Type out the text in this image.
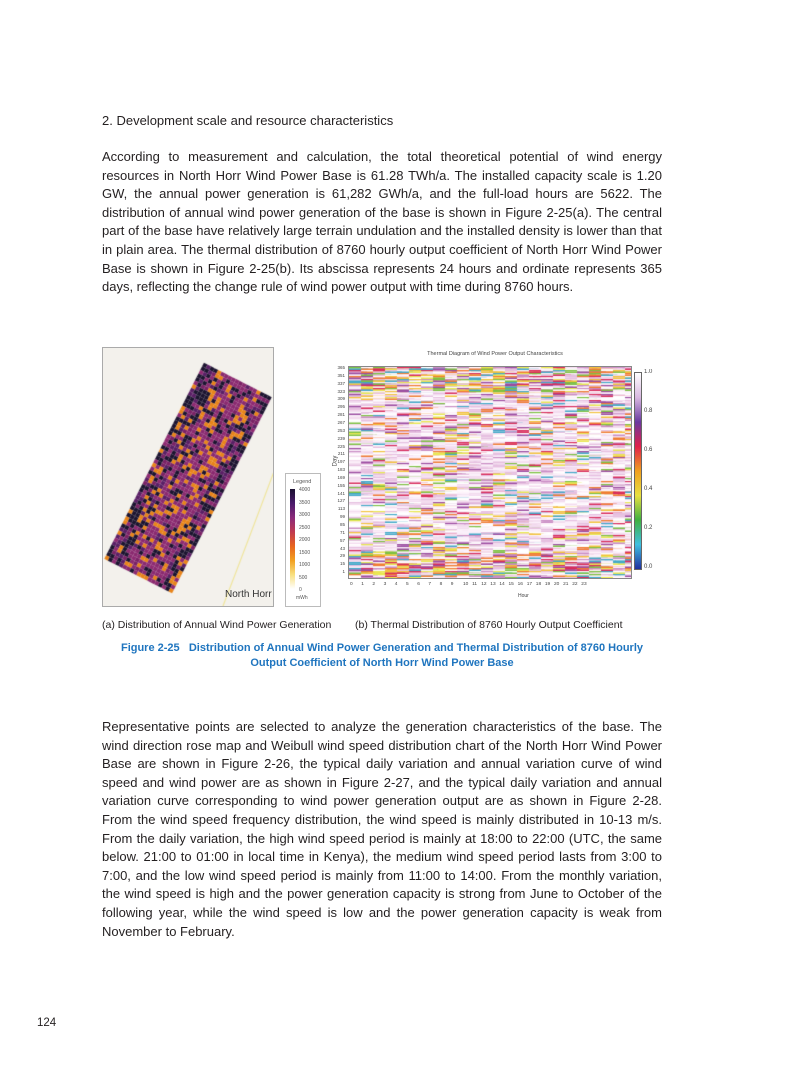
2. Development scale and resource characteristics

According to measurement and calculation, the total theoretical potential of wind energy resources in North Horr Wind Power Base is 61.28 TWh/a. The installed capacity scale is 1.20 GW, the annual power generation is 61,282 GWh/a, and the full-load hours are 5622. The distribution of annual wind power generation of the base is shown in Figure 2-25(a). The central part of the base have relatively large terrain undulation and the installed density is lower than that in plain area. The thermal distribution of 8760 hourly output coefficient of North Horr Wind Power Base is shown in Figure 2-25(b). Its abscissa represents 24 hours and ordinate represents 365 days, reflecting the change rule of wind power output with time during 8760 hours.

North Horr
Legend
4000
3500
3000
2500
2000
1500
1000
500
0
mWh
Thermal Diagram of Wind Power Output Characteristics
Day
365
351
337
323
309
295
281
267
253
239
225
211
197
183
169
155
141
127
113
99
85
71
57
43
29
15
1
0 1 2 3 4 5 6 7 8 9 10 11 12 13 14 15 16 17 18 19 20 21 22 23
Hour
1.0
0.8
0.6
0.4
0.2
0.0
(a) Distribution of Annual Wind Power Generation (b) Thermal Distribution of 8760 Hourly Output Coefficient
Figure 2-25   Distribution of Annual Wind Power Generation and Thermal Distribution of 8760 Hourly
Output Coefficient of North Horr Wind Power Base

Representative points are selected to analyze the generation characteristics of the base. The wind direction rose map and Weibull wind speed distribution chart of the North Horr Wind Power Base are shown in Figure 2-26, the typical daily variation and annual variation curve of wind speed and wind power are as shown in Figure 2-27, and the typical daily variation and annual variation curve corresponding to wind power generation output are as shown in Figure 2-28. From the wind speed frequency distribution, the wind speed is mainly distributed in 10-13 m/s. From the daily variation, the high wind speed period is mainly at 18:00 to 22:00 (UTC, the same below. 21:00 to 01:00 in local time in Kenya), the medium wind speed period lasts from 3:00 to 7:00, and the low wind speed period is mainly from 11:00 to 14:00. From the monthly variation, the wind speed is high and the power generation capacity is strong from June to October of the following year, while the wind speed is low and the power generation capacity is weak from November to February.

124
